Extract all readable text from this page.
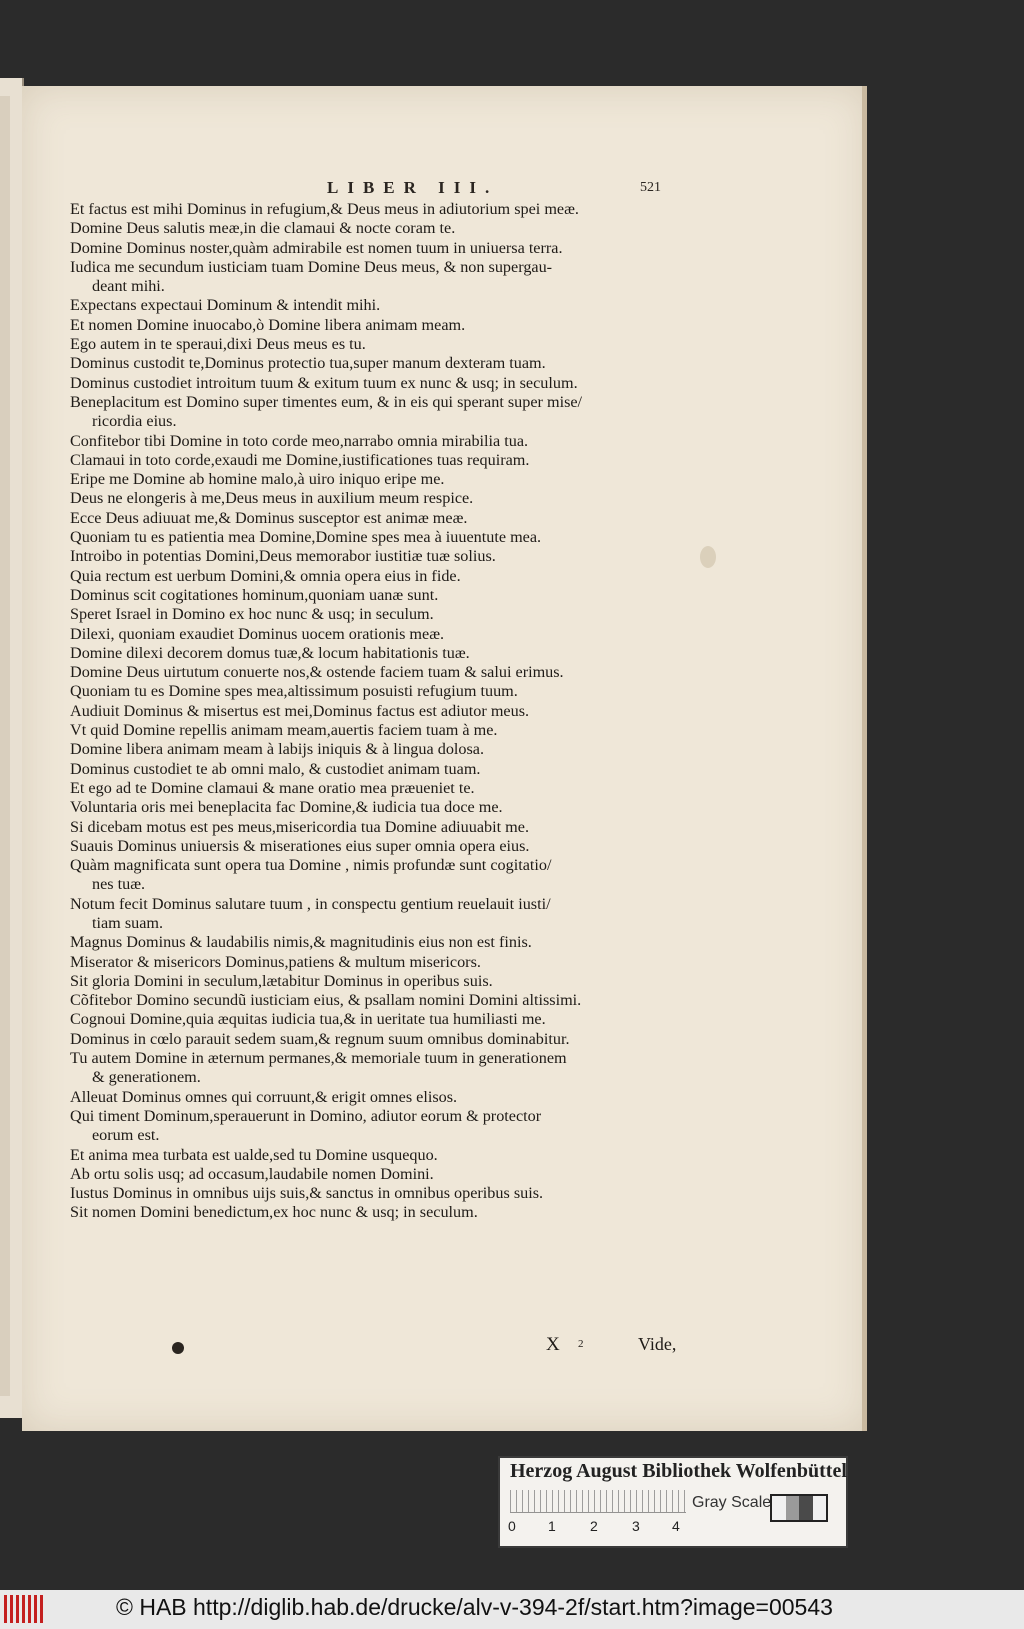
LIBER III.	521
Et factus est mihi Dominus in refugium,& Deus meus in adiutorium spei meæ.
Domine Deus salutis meæ,in die clamaui & nocte coram te.
Domine Dominus noster,quàm admirabile est nomen tuum in uniuersa terra.
Iudica me secundum iusticiam tuam Domine Deus meus, & non supergau-
deant mihi.
Expectans expectaui Dominum & intendit mihi.
Et nomen Domine inuocabo,ò Domine libera animam meam.
Ego autem in te speraui,dixi Deus meus es tu.
Dominus custodit te,Dominus protectio tua,super manum dexteram tuam.
Dominus custodiet introitum tuum & exitum tuum ex nunc & usq; in seculum.
Beneplacitum est Domino super timentes eum, & in eis qui sperant super mise/
ricordia eius.
Confitebor tibi Domine in toto corde meo,narrabo omnia mirabilia tua.
Clamaui in toto corde,exaudi me Domine,iustificationes tuas requiram.
Eripe me Domine ab homine malo,à uiro iniquo eripe me.
Deus ne elongeris à me,Deus meus in auxilium meum respice.
Ecce Deus adiuuat me,& Dominus susceptor est animæ meæ.
Quoniam tu es patientia mea Domine,Domine spes mea à iuuentute mea.
Introibo in potentias Domini,Deus memorabor iustitiæ tuæ solius.
Quia rectum est uerbum Domini,& omnia opera eius in fide.
Dominus scit cogitationes hominum,quoniam uanæ sunt.
Speret Israel in Domino ex hoc nunc & usq; in seculum.
Dilexi, quoniam exaudiet Dominus uocem orationis meæ.
Domine dilexi decorem domus tuæ,& locum habitationis tuæ.
Domine Deus uirtutum conuerte nos,& ostende faciem tuam & salui erimus.
Quoniam tu es Domine spes mea,altissimum posuisti refugium tuum.
Audiuit Dominus & misertus est mei,Dominus factus est adiutor meus.
Vt quid Domine repellis animam meam,auertis faciem tuam à me.
Domine libera animam meam à labijs iniquis & à lingua dolosa.
Dominus custodiet te ab omni malo, & custodiet animam tuam.
Et ego ad te Domine clamaui & mane oratio mea præueniet te.
Voluntaria oris mei beneplacita fac Domine,& iudicia tua doce me.
Si dicebam motus est pes meus,misericordia tua Domine adiuuabit me.
Suauis Dominus uniuersis & miserationes eius super omnia opera eius.
Quàm magnificata sunt opera tua Domine , nimis profundæ sunt cogitatio/
nes tuæ.
Notum fecit Dominus salutare tuum , in conspectu gentium reuelauit iusti/
tiam suam.
Magnus Dominus & laudabilis nimis,& magnitudinis eius non est finis.
Miserator & misericors Dominus,patiens & multum misericors.
Sit gloria Domini in seculum,lætabitur Dominus in operibus suis.
Cõfitebor Domino secundũ iusticiam eius, & psallam nomini Domini altissimi.
Cognoui Domine,quia æquitas iudicia tua,& in ueritate tua humiliasti me.
Dominus in cœlo parauit sedem suam,& regnum suum omnibus dominabitur.
Tu autem Domine in æternum permanes,& memoriale tuum in generationem
& generationem.
Alleuat Dominus omnes qui corruunt,& erigit omnes elisos.
Qui timent Dominum,sperauerunt in Domino, adiutor eorum & protector
eorum est.
Et anima mea turbata est ualde,sed tu Domine usquequo.
Ab ortu solis usq; ad occasum,laudabile nomen Domini.
Iustus Dominus in omnibus uijs suis,& sanctus in omnibus operibus suis.
Sit nomen Domini benedictum,ex hoc nunc & usq; in seculum.
X 2	Vide,
Herzog August Bibliothek Wolfenbüttel
0 1 2 3 4
Gray Scale
© HAB http://diglib.hab.de/drucke/alv-v-394-2f/start.htm?image=00543
